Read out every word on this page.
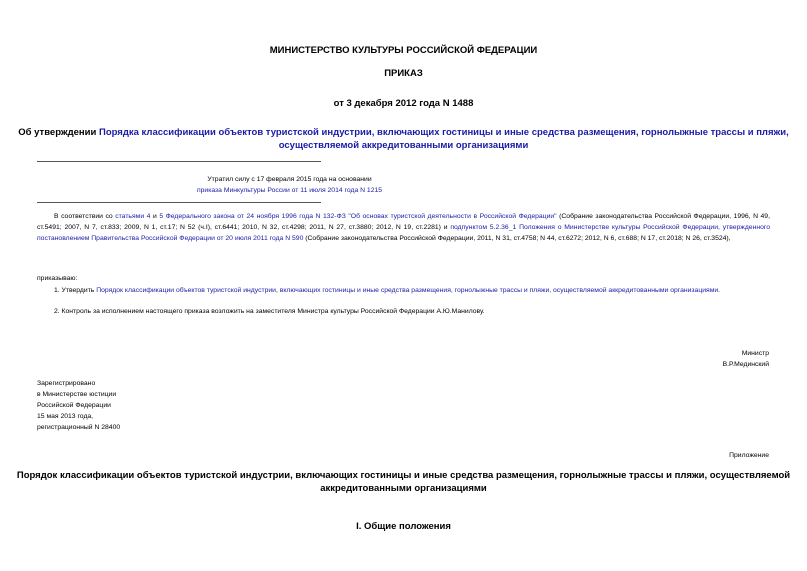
МИНИСТЕРСТВО КУЛЬТУРЫ РОССИЙСКОЙ ФЕДЕРАЦИИ
ПРИКАЗ
от 3 декабря 2012 года N 1488
Об утверждении Порядка классификации объектов туристской индустрии, включающих гостиницы и иные средства размещения, горнолыжные трассы и пляжи,
осуществляемой аккредитованными организациями
Утратил силу с 17 февраля 2015 года на основании
приказа Минкультуры России от 11 июля 2014 года N 1215
В соответствии со статьями 4 и 5 Федерального закона от 24 ноября 1996 года N 132-ФЗ "Об основах туристской деятельности в Российской Федерации" (Собрание законодательства Российской Федерации, 1996, N 49, ст.5491; 2007, N 7, ст.833; 2009, N 1, ст.17; N 52 (ч.I), ст.6441; 2010, N 32, ст.4298; 2011, N 27, ст.3880; 2012, N 19, ст.2281) и подпунктом 5.2.36_1 Положения о Министерстве культуры Российской Федерации, утвержденного постановлением Правительства Российской Федерации от 20 июля 2011 года N 590 (Собрание законодательства Российской Федерации, 2011, N 31, ст.4758; N 44, ст.6272; 2012, N 6, ст.688; N 17, ст.2018; N 26, ст.3524),
приказываю:
1. Утвердить Порядок классификации объектов туристской индустрии, включающих гостиницы и иные средства размещения, горнолыжные трассы и пляжи, осуществляемой аккредитованными организациями.
2. Контроль за исполнением настоящего приказа возложить на заместителя Министра культуры Российской Федерации А.Ю.Манилову.
Министр
В.Р.Мединский
Зарегистрировано
в Министерстве юстиции
Российской Федерации
15 мая 2013 года,
регистрационный N 28400
Приложение
Порядок классификации объектов туристской индустрии, включающих гостиницы и иные средства размещения, горнолыжные трассы и пляжи, осуществляемой
аккредитованными организациями
I. Общие положения
